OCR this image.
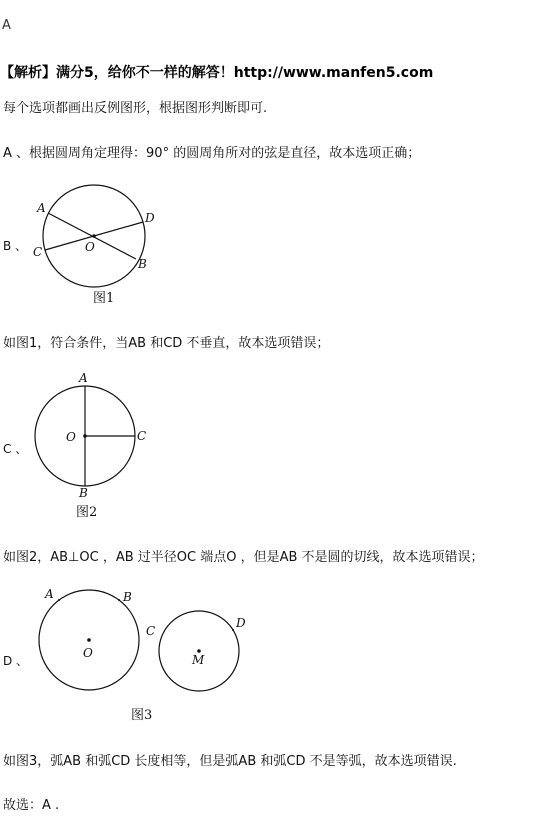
A
【解析】满分5，给你不一样的解答！http://www.manfen5.com
每个选项都画出反例图形，根据图形判断即可.
A 、根据圆周角定理得：90° 的圆周角所对的弦是直径，故本选项正确；
B 、
A
D
C	O
B
图1
如图1，符合条件，当AB 和CD 不垂直，故本选项错误；
C 、
A
O	C
B
图2
如图2，AB⊥OC ，AB 过半径OC 端点O ，但是AB 不是圆的切线，故本选项错误；
D 、
A	B
C
O
D
M
图3
如图3，弧AB 和弧CD 长度相等，但是弧AB 和弧CD 不是等弧，故本选项错误.
故选：A .
